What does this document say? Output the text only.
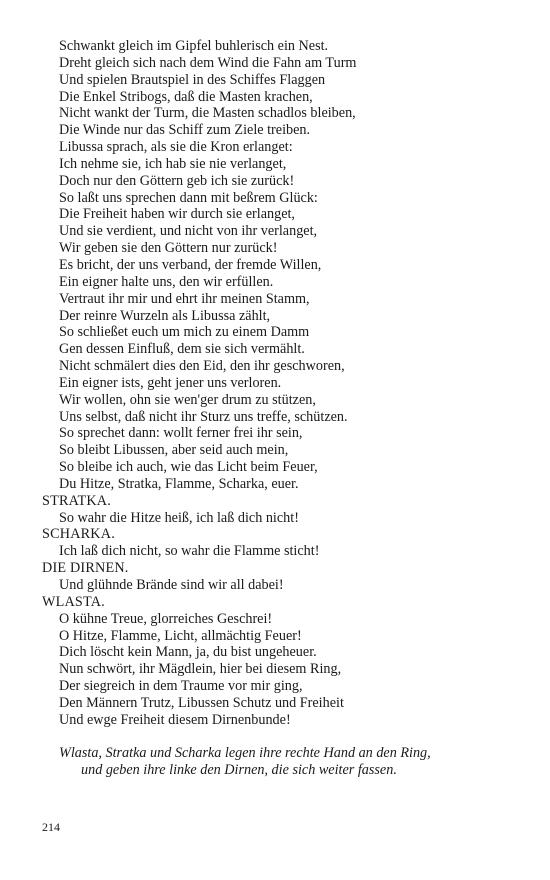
Schwankt gleich im Gipfel buhlerisch ein Nest.
Dreht gleich sich nach dem Wind die Fahn am Turm
Und spielen Brautspiel in des Schiffes Flaggen
Die Enkel Stribogs, daß die Masten krachen,
Nicht wankt der Turm, die Masten schadlos bleiben,
Die Winde nur das Schiff zum Ziele treiben.
Libussa sprach, als sie die Kron erlanget:
Ich nehme sie, ich hab sie nie verlanget,
Doch nur den Göttern geb ich sie zurück!
So laßt uns sprechen dann mit beßrem Glück:
Die Freiheit haben wir durch sie erlanget,
Und sie verdient, und nicht von ihr verlanget,
Wir geben sie den Göttern nur zurück!
Es bricht, der uns verband, der fremde Willen,
Ein eigner halte uns, den wir erfüllen.
Vertraut ihr mir und ehrt ihr meinen Stamm,
Der reinre Wurzeln als Libussa zählt,
So schließet euch um mich zu einem Damm
Gen dessen Einfluß, dem sie sich vermählt.
Nicht schmälert dies den Eid, den ihr geschworen,
Ein eigner ists, geht jener uns verloren.
Wir wollen, ohn sie wen'ger drum zu stützen,
Uns selbst, daß nicht ihr Sturz uns treffe, schützen.
So sprechet dann: wollt ferner frei ihr sein,
So bleibt Libussen, aber seid auch mein,
So bleibe ich auch, wie das Licht beim Feuer,
Du Hitze, Stratka, Flamme, Scharka, euer.
STRATKA.
So wahr die Hitze heiß, ich laß dich nicht!
SCHARKA.
Ich laß dich nicht, so wahr die Flamme sticht!
DIE DIRNEN.
Und glühnde Brände sind wir all dabei!
WLASTA.
O kühne Treue, glorreiches Geschrei!
O Hitze, Flamme, Licht, allmächtig Feuer!
Dich löscht kein Mann, ja, du bist ungeheuer.
Nun schwört, ihr Mägdlein, hier bei diesem Ring,
Der siegreich in dem Traume vor mir ging,
Den Männern Trutz, Libussen Schutz und Freiheit
Und ewge Freiheit diesem Dirnenbunde!
Wlasta, Stratka und Scharka legen ihre rechte Hand an den Ring,
und geben ihre linke den Dirnen, die sich weiter fassen.
214
